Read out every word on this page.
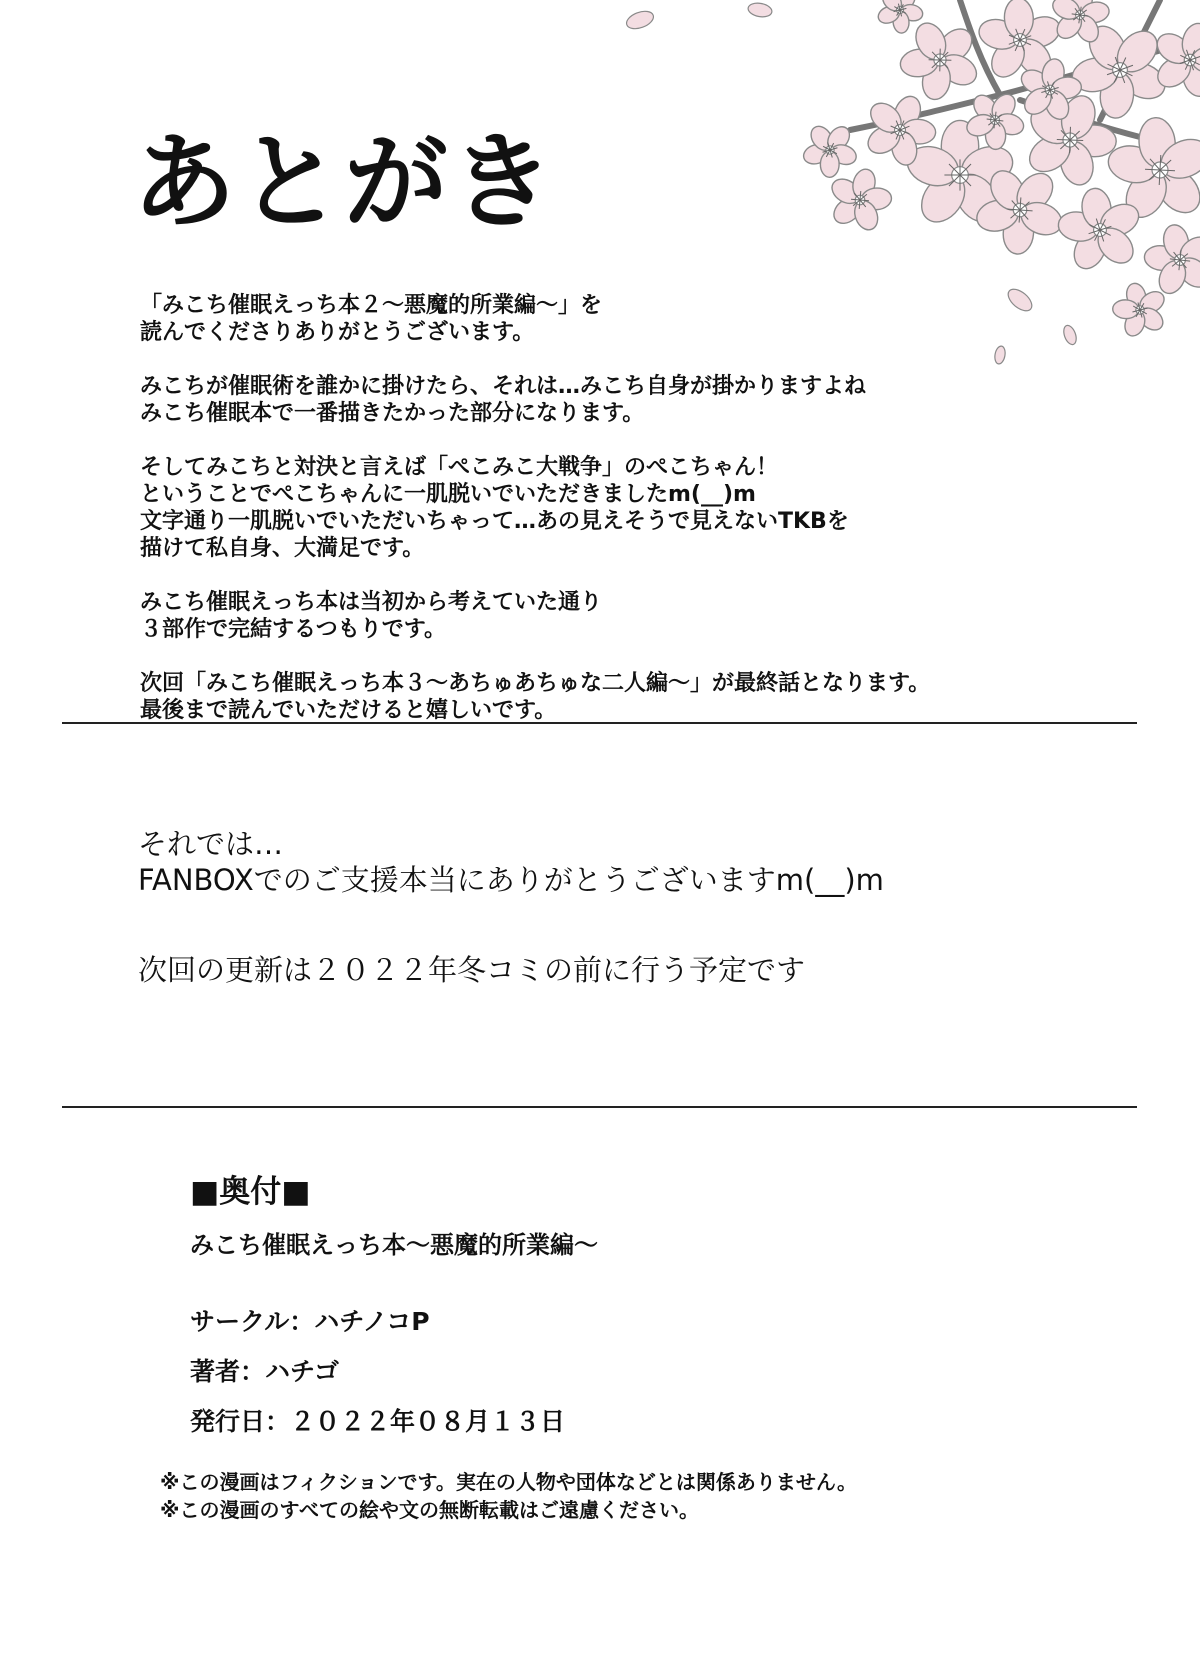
あとがき

「みこち催眠えっち本２～悪魔的所業編～」を
読んでくださりありがとうございます。

みこちが催眠術を誰かに掛けたら、それは…みこち自身が掛かりますよね
みこち催眠本で一番描きたかった部分になります。

そしてみこちと対決と言えば「ぺこみこ大戦争」のぺこちゃん！
ということでぺこちゃんに一肌脱いでいただきましたm(__)m
文字通り一肌脱いでいただいちゃって…あの見えそうで見えないTKBを
描けて私自身、大満足です。

みこち催眠えっち本は当初から考えていた通り
３部作で完結するつもりです。

次回「みこち催眠えっち本３～あちゅあちゅな二人編～」が最終話となります。
最後まで読んでいただけると嬉しいです。

それでは…
FANBOXでのご支援本当にありがとうございますm(__)m
次回の更新は２０２２年冬コミの前に行う予定です
■奥付■
みこち催眠えっち本～悪魔的所業編～
サークル：ハチノコP
著者：ハチゴ
発行日：２０２２年０８月１３日
※この漫画はフィクションです。実在の人物や団体などとは関係ありません。
※この漫画のすべての絵や文の無断転載はご遠慮ください。
